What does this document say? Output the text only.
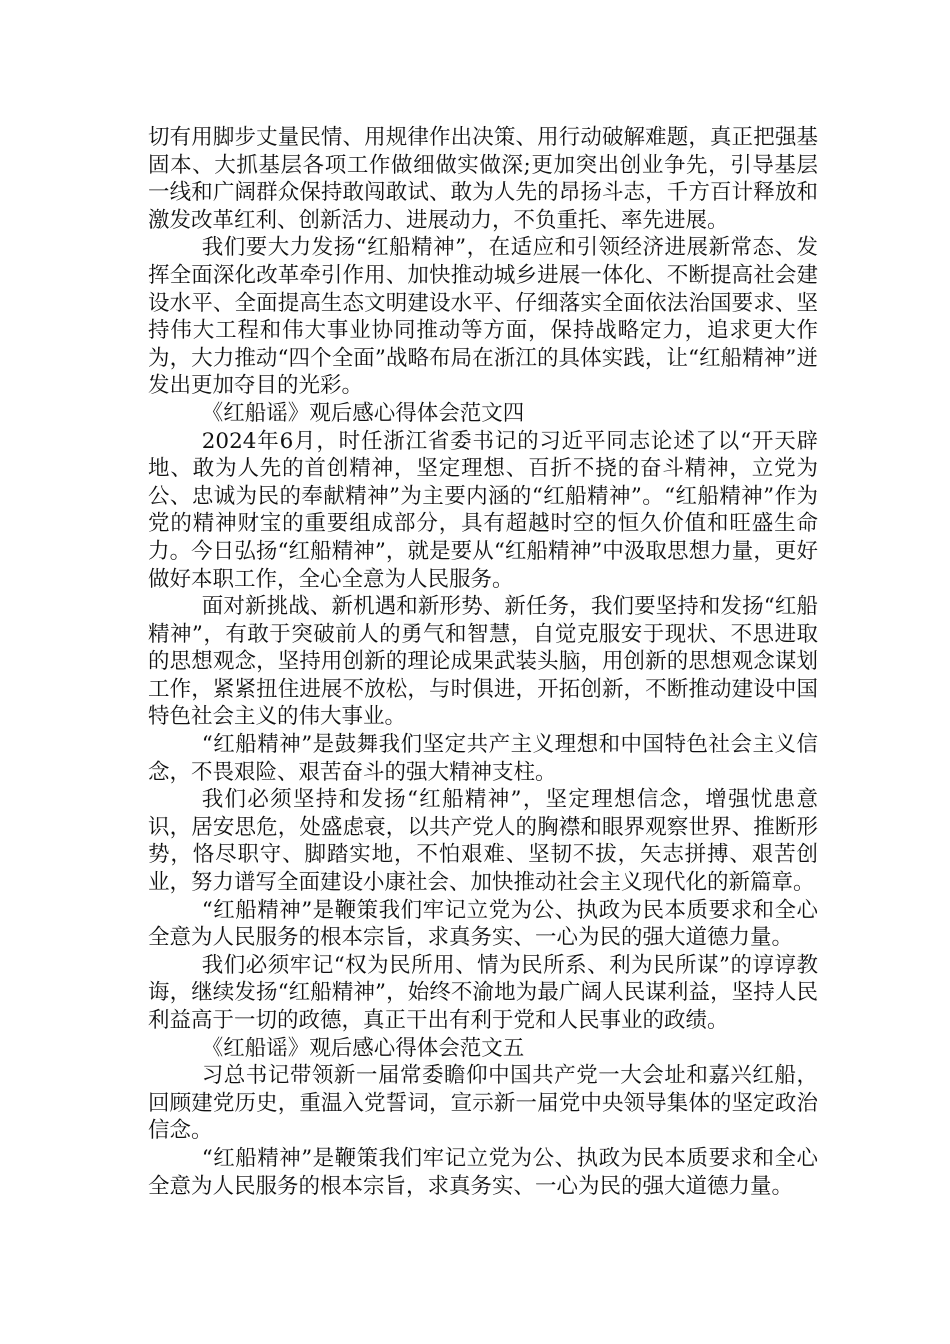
切有用脚步丈量民情、用规律作出决策、用行动破解难题，真正把强基固本、大抓基层各项工作做细做实做深;更加突出创业争先，引导基层一线和广阔群众保持敢闯敢试、敢为人先的昂扬斗志，千方百计释放和激发改革红利、创新活力、进展动力，不负重托、率先进展。

我们要大力发扬“红船精神”，在适应和引领经济进展新常态、发挥全面深化改革牵引作用、加快推动城乡进展一体化、不断提高社会建设水平、全面提高生态文明建设水平、仔细落实全面依法治国要求、坚持伟大工程和伟大事业协同推动等方面，保持战略定力，追求更大作为，大力推动“四个全面”战略布局在浙江的具体实践，让“红船精神”迸发出更加夺目的光彩。

《红船谣》观后感心得体会范文四

2024年6月，时任浙江省委书记的习近平同志论述了以“开天辟地、敢为人先的首创精神，坚定理想、百折不挠的奋斗精神，立党为公、忠诚为民的奉献精神”为主要内涵的“红船精神”。“红船精神”作为党的精神财宝的重要组成部分，具有超越时空的恒久价值和旺盛生命力。今日弘扬“红船精神”，就是要从“红船精神”中汲取思想力量，更好做好本职工作，全心全意为人民服务。

面对新挑战、新机遇和新形势、新任务，我们要坚持和发扬“红船精神”，有敢于突破前人的勇气和智慧，自觉克服安于现状、不思进取的思想观念，坚持用创新的理论成果武装头脑，用创新的思想观念谋划工作，紧紧扭住进展不放松，与时俱进，开拓创新，不断推动建设中国特色社会主义的伟大事业。

“红船精神”是鼓舞我们坚定共产主义理想和中国特色社会主义信念，不畏艰险、艰苦奋斗的强大精神支柱。

我们必须坚持和发扬“红船精神”，坚定理想信念，增强忧患意识，居安思危，处盛虑衰，以共产党人的胸襟和眼界观察世界、推断形势，恪尽职守、脚踏实地，不怕艰难、坚韧不拔，矢志拼搏、艰苦创业，努力谱写全面建设小康社会、加快推动社会主义现代化的新篇章。

“红船精神”是鞭策我们牢记立党为公、执政为民本质要求和全心全意为人民服务的根本宗旨，求真务实、一心为民的强大道德力量。

我们必须牢记“权为民所用、情为民所系、利为民所谋”的谆谆教诲，继续发扬“红船精神”，始终不渝地为最广阔人民谋利益，坚持人民利益高于一切的政德，真正干出有利于党和人民事业的政绩。

《红船谣》观后感心得体会范文五

习总书记带领新一届常委瞻仰中国共产党一大会址和嘉兴红船，回顾建党历史，重温入党誓词，宣示新一届党中央领导集体的坚定政治信念。

“红船精神”是鞭策我们牢记立党为公、执政为民本质要求和全心全意为人民服务的根本宗旨，求真务实、一心为民的强大道德力量。
